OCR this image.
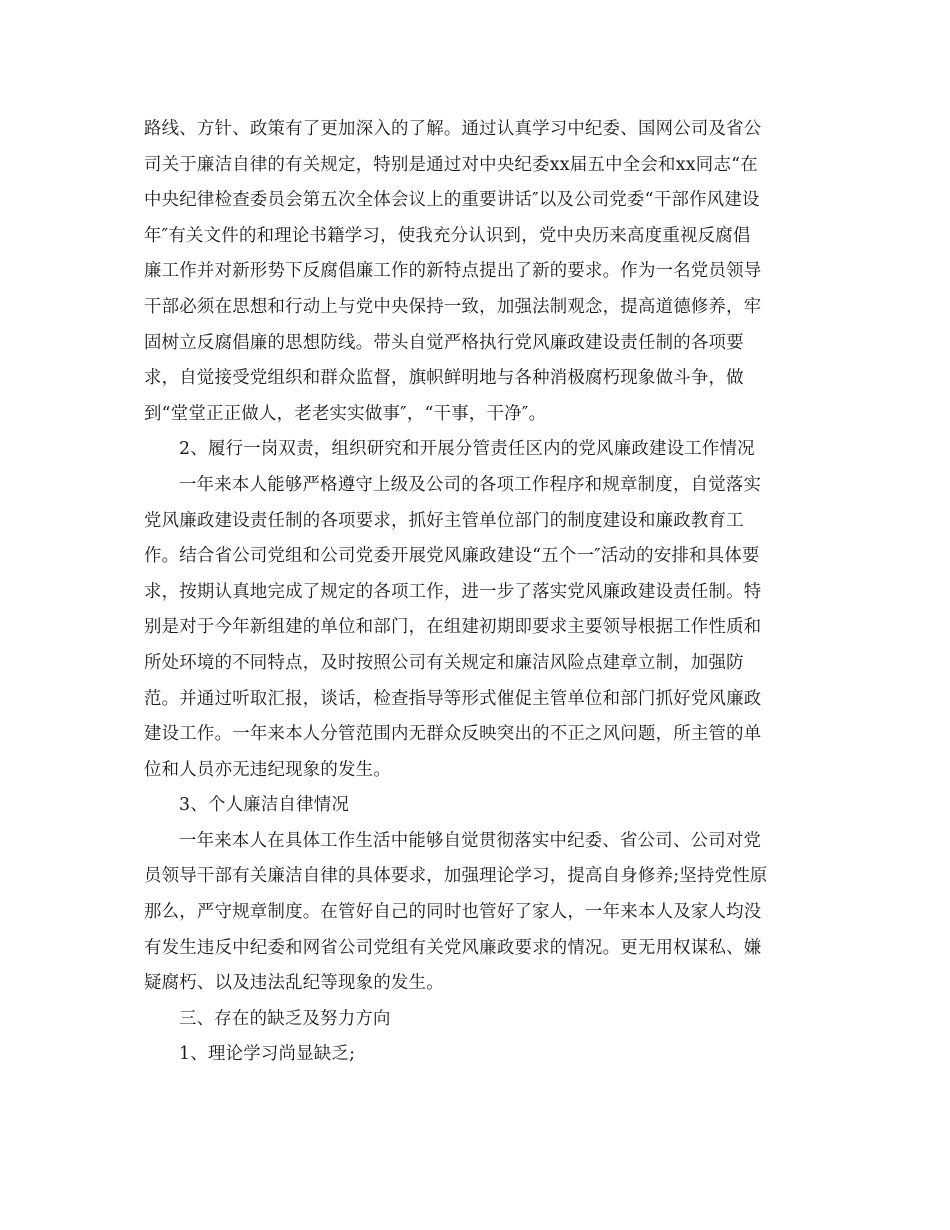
路线、方针、政策有了更加深入的了解。通过认真学习中纪委、国网公司及省公
司关于廉洁自律的有关规定，特别是通过对中央纪委xx届五中全会和xx同志“在
中央纪律检查委员会第五次全体会议上的重要讲话″以及公司党委“干部作风建设
年″有关文件的和理论书籍学习，使我充分认识到，党中央历来高度重视反腐倡
廉工作并对新形势下反腐倡廉工作的新特点提出了新的要求。作为一名党员领导
干部必须在思想和行动上与党中央保持一致，加强法制观念，提高道德修养，牢
固树立反腐倡廉的思想防线。带头自觉严格执行党风廉政建设责任制的各项要
求，自觉接受党组织和群众监督，旗帜鲜明地与各种消极腐朽现象做斗争，做
到“堂堂正正做人，老老实实做事″，“干事，干净″。
2、履行一岗双责，组织研究和开展分管责任区内的党风廉政建设工作情况
一年来本人能够严格遵守上级及公司的各项工作程序和规章制度，自觉落实
党风廉政建设责任制的各项要求，抓好主管单位部门的制度建设和廉政教育工
作。结合省公司党组和公司党委开展党风廉政建设“五个一″活动的安排和具体要
求，按期认真地完成了规定的各项工作，进一步了落实党风廉政建设责任制。特
别是对于今年新组建的单位和部门，在组建初期即要求主要领导根据工作性质和
所处环境的不同特点，及时按照公司有关规定和廉洁风险点建章立制，加强防
范。并通过听取汇报，谈话，检查指导等形式催促主管单位和部门抓好党风廉政
建设工作。一年来本人分管范围内无群众反映突出的不正之风问题，所主管的单
位和人员亦无违纪现象的发生。
3、个人廉洁自律情况
一年来本人在具体工作生活中能够自觉贯彻落实中纪委、省公司、公司对党
员领导干部有关廉洁自律的具体要求，加强理论学习，提高自身修养;坚持党性原
那么，严守规章制度。在管好自己的同时也管好了家人，一年来本人及家人均没
有发生违反中纪委和网省公司党组有关党风廉政要求的情况。更无用权谋私、嫌
疑腐朽、以及违法乱纪等现象的发生。
三、存在的缺乏及努力方向
1、理论学习尚显缺乏;
